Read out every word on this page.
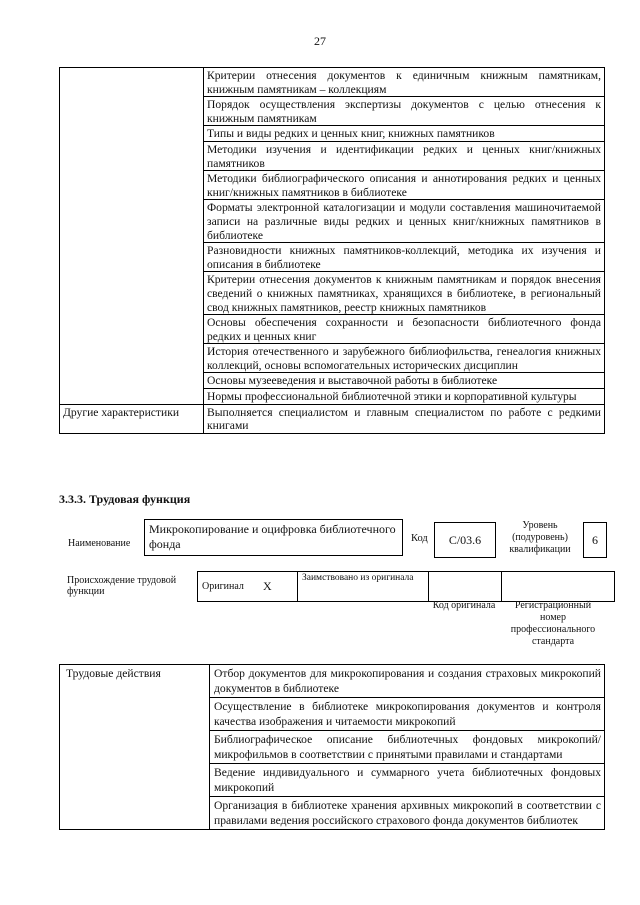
27
	Критерии отнесения документов к единичным книжным памятникам, книжным памятникам – коллекциям
	Порядок осуществления экспертизы документов с целью отнесения к книжным памятникам
	Типы и виды редких и ценных книг, книжных памятников
	Методики изучения и идентификации редких и ценных книг/книжных памятников
	Методики библиографического описания и аннотирования редких и ценных книг/книжных памятников в библиотеке
	Форматы электронной каталогизации и модули составления машиночитаемой записи на различные виды редких и ценных книг/книжных памятников в библиотеке
	Разновидности книжных памятников-коллекций, методика их изучения и описания в библиотеке
	Критерии отнесения документов к книжным памятникам и порядок внесения сведений о книжных памятниках, хранящихся в библиотеке, в региональный свод книжных памятников, реестр книжных памятников
	Основы обеспечения сохранности и безопасности библиотечного фонда редких и ценных книг
	История отечественного и зарубежного библиофильства, генеалогия книжных коллекций, основы вспомогательных исторических дисциплин
	Основы музееведения и выставочной работы в библиотеке
	Нормы профессиональной библиотечной этики и корпоративной культуры
Другие характеристики	Выполняется специалистом и главным специалистом по работе с редкими книгами
3.3.3. Трудовая функция
Наименование
Микрокопирование и оцифровка библиотечного фонда	Код	C/03.6
Уровень (подуровень) квалификации
6
Происхождение трудовой функции	Оригинал	X	Заимствовано из оригинала		
Код оригинала	Регистрационный номер профессионального стандарта
Трудовые действия	Отбор документов для микрокопирования и создания страховых микрокопий документов в библиотеке
Осуществление в библиотеке микрокопирования документов и контроля качества изображения и читаемости микрокопий
Библиографическое описание библиотечных фондовых микрокопий/микрофильмов в соответствии с принятыми правилами и стандартами
Ведение индивидуального и суммарного учета библиотечных фондовых микрокопий
Организация в библиотеке хранения архивных микрокопий в соответствии с правилами ведения российского страхового фонда документов библиотек
